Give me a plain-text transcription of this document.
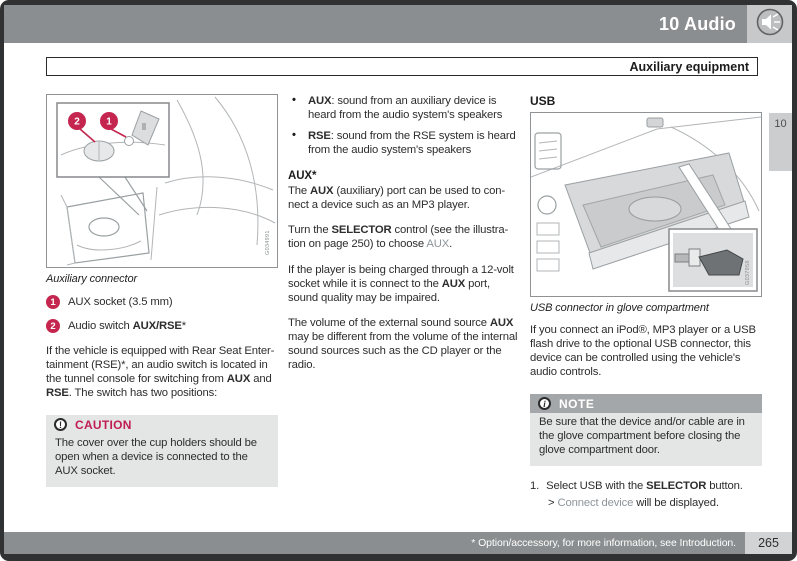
10 Audio
Auxiliary equipment
2	1
G034991
Auxiliary connector
1	AUX socket (3.5 mm)
2	Audio switch AUX/RSE*

If the vehicle is equipped with Rear Seat Enter-tainment (RSE)*, an audio switch is located in the tunnel console for switching from AUX and RSE. The switch has two positions:

!
CAUTION
The cover over the cup holders should be open when a device is connected to the AUX socket.
• AUX: sound from an auxiliary device is heard from the audio system's speakers
• RSE: sound from the RSE system is heard from the audio system's speakers
AUX*

The AUX (auxiliary) port can be used to con-nect a device such as an MP3 player.

Turn the SELECTOR control (see the illustra-tion on page 250) to choose AUX.

If the player is being charged through a 12-volt socket while it is connect to the AUX port, sound quality may be impaired.

The volume of the external sound source AUX may be different from the volume of the internal sound sources such as the CD player or the radio.

USB
G037958
USB connector in glove compartment

If you connect an iPod®, MP3 player or a USB flash drive to the optional USB connector, this device can be controlled using the vehicle's audio controls.

i
NOTE
Be sure that the device and/or cable are in the glove compartment before closing the glove compartment door.
1. Select USB with the SELECTOR button.
> Connect device will be displayed.
10
* Option/accessory, for more information, see Introduction.	265
